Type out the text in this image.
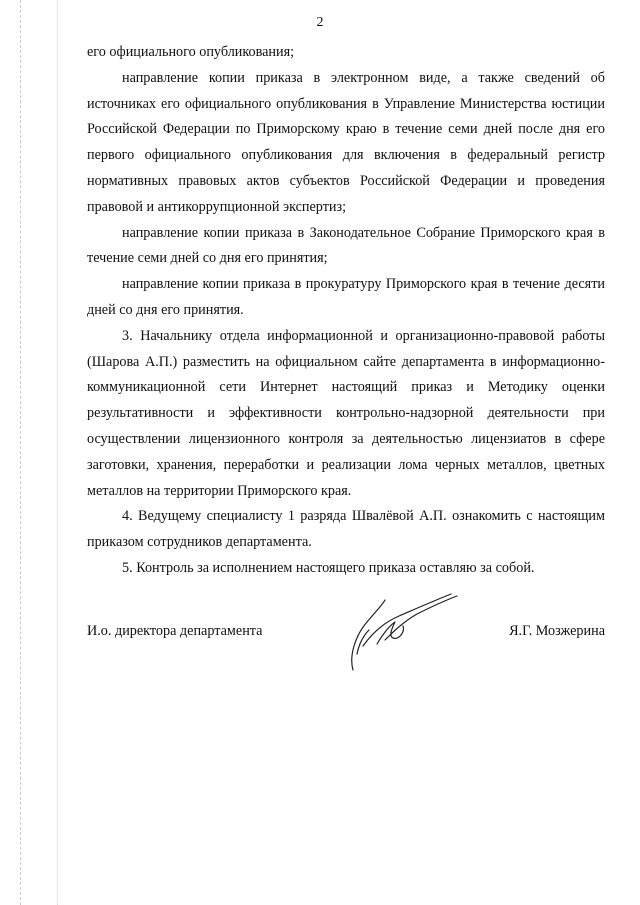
2

его официального опубликования;

направление копии приказа в электронном виде, а также сведений об источниках его официального опубликования в Управление Министерства юстиции Российской Федерации по Приморскому краю в течение семи дней после дня его первого официального опубликования для включения в федеральный регистр нормативных правовых актов субъектов Российской Федерации и проведения правовой и антикоррупционной экспертиз;

направление копии приказа в Законодательное Собрание Приморского края в течение семи дней со дня его принятия;

направление копии приказа в прокуратуру Приморского края в течение десяти дней со дня его принятия.

3. Начальнику отдела информационной и организационно-правовой работы (Шарова А.П.) разместить на официальном сайте департамента в информационно-коммуникационной сети Интернет настоящий приказ и Методику оценки результативности и эффективности контрольно-надзорной деятельности при осуществлении лицензионного контроля за деятельностью лицензиатов в сфере заготовки, хранения, переработки и реализации лома черных металлов, цветных металлов на территории Приморского края.

4. Ведущему специалисту 1 разряда Швалёвой А.П. ознакомить с настоящим приказом сотрудников департамента.

5. Контроль за исполнением настоящего приказа оставляю за собой.

И.о. директора департамента	Я.Г. Мозжерина
